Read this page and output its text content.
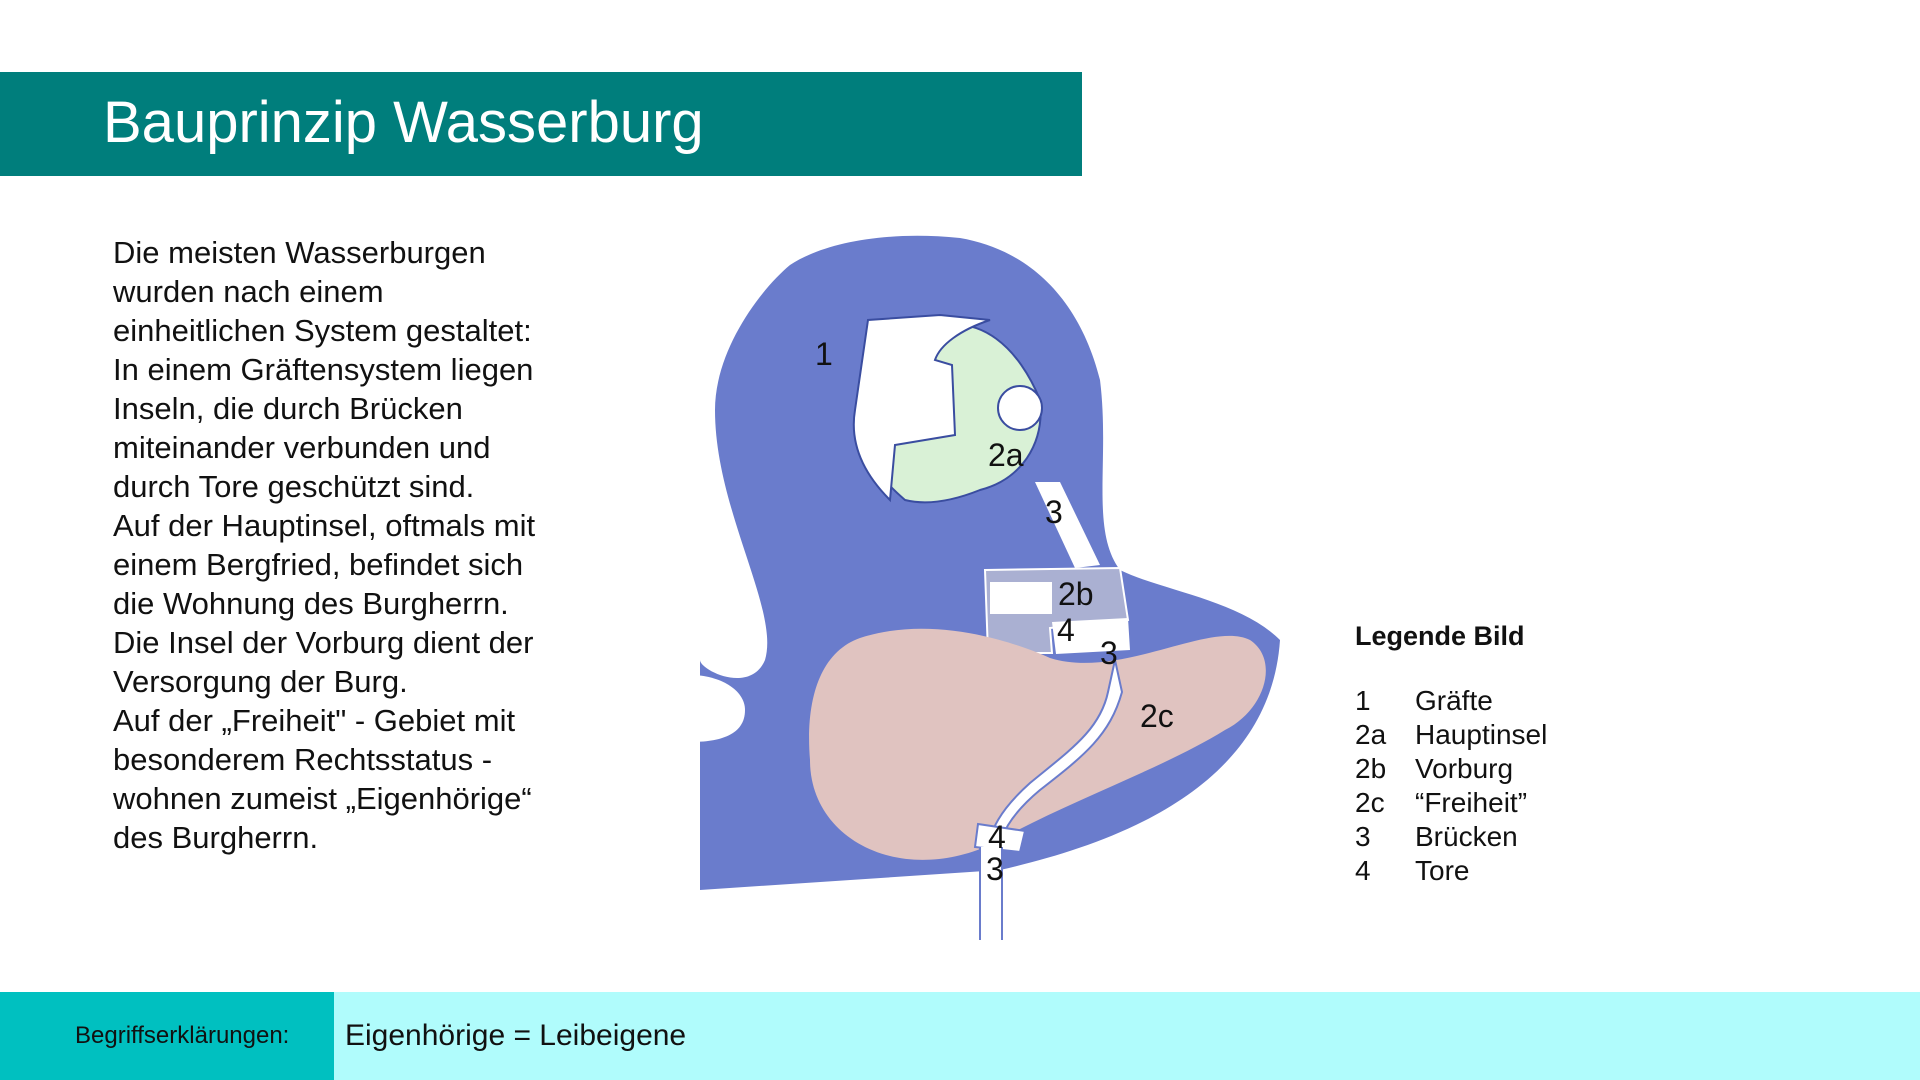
Bauprinzip Wasserburg
Die meisten Wasserburgen
wurden nach einem
einheitlichen System gestaltet:
In einem Gräftensystem liegen
Inseln, die durch Brücken
miteinander verbunden und
durch Tore geschützt sind.
Auf der Hauptinsel, oftmals mit
einem Bergfried, befindet sich
die Wohnung des Burgherrn.
Die Insel der Vorburg dient der
Versorgung der Burg.
Auf der „Freiheit" - Gebiet mit
besonderem Rechtsstatus -
wohnen zumeist „Eigenhörige“
des Burgherrn.
1
2a
3
2b
4
3
2c
4
3
Legende Bild
1	Gräfte
2a	Hauptinsel
2b	Vorburg
2c	“Freiheit”
3	Brücken
4	Tore
Begriffserklärungen: Eigenhörige = Leibeigene
